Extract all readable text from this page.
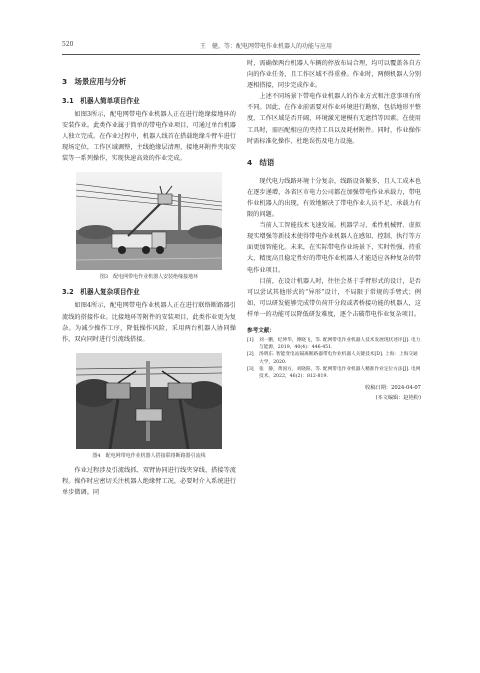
520	王　健，等：配电网带电作业机器人的功能与应用
3　场景应用与分析
3.1　机器人简单项目作业

如图3所示，配电网带电作业机器人正在进行绝缘接地环的安装作业。此类作业属于简单的带电作业项目，可通过单台机器人独立完成。在作业过程中，机器人线首在搭载绝缘斗臂车进行现场定位，工作区域调整，主线绝缘层清理，接地环附件夹取安装等一系列操作，实现快速高效的作业完成。

图3　配电网带电作业机器人安装绝缘接地环
3.2　机器人复杂项目作业

如图4所示，配电网带电作业机器人正在进行联络断路器引流线的搭接作业。比接地环等附件的安装项目，此类作业更为复杂。为减少操作工序，降低操作风险，采用两台机器人协同操作，双向同时进行引流线搭接。

图4　配电网带电作业机器人搭接联络断路器引流线

作业过程涉及引流线抓、双臂协同进行线夹穿线、搭接等流程。操作时应密切关注机器人绝缘臂工况，必要时介入系统进行单步微调。同

时，需确保两台机器人车辆的停放布局合理，均可以覆盖各自方向的作业任务，且工作区域不得重叠。作业时，两侧机器人分别逐相搭接，同步完成作业。

上述不同场景下带电作业机器人的作业方式和注意事项有所不同。因此，在作业前需要对作业环境进行勘察，包括地形平整度、工作区域是否开阔，环境激光建模有无遮挡等因素。在使用工具时，需匹配相应的夹持工具以及耗材附件。同时，作业操作时需标准化操作，杜绝误伤及电力设施。

4　结语

现代电力线路环境十分复杂，线路设备繁多，且人工成本也在逐步递增，各省区市电力公司都在加强带电作业承载力，带电作业机器人的出现，有效地解决了带电作业人员不足、承载力有限的问题。

当前人工智能技术飞速发展。机器学习、柔性机械臂、虚拟现实增强等新技术使得带电作业机器人在感知、控制、执行等方面更加智能化。未来，在实际带电作业场景下，实时性强、持重大、精度高且稳定性好的带电作业机器人才能适应各种复杂的带电作业项目。

目前，在设计机器人时，往往会基于手臂形式的设计，是否可以尝试其他形式的“异形”设计，不局限于常规的手臂式；例如，可以研发能够完成带负荷开分段或者桥接功能的机器人，这样单一的功能可以降低研发难度，逐个击破带电作业复杂项目。

参考文献：
[1]	刘一鹏，纪坤华，傅晓飞，等. 配网带电作业机器人技术发展现状述评[J]. 电力与能源，2019，40(4)：446-451.
[2]	汤明东. 智能变电站隔离断路器带电作业机器人关键技术[D]. 上海：上海交通大学，2020.
[3]	张　静，黄国方，刘晓阳，等. 配网带电作业机器人精准作业定位方法[J]. 电网技术，2022，46(2)：812-819.
收稿日期：2024-04-07
(本文编辑：赵艳粉)
